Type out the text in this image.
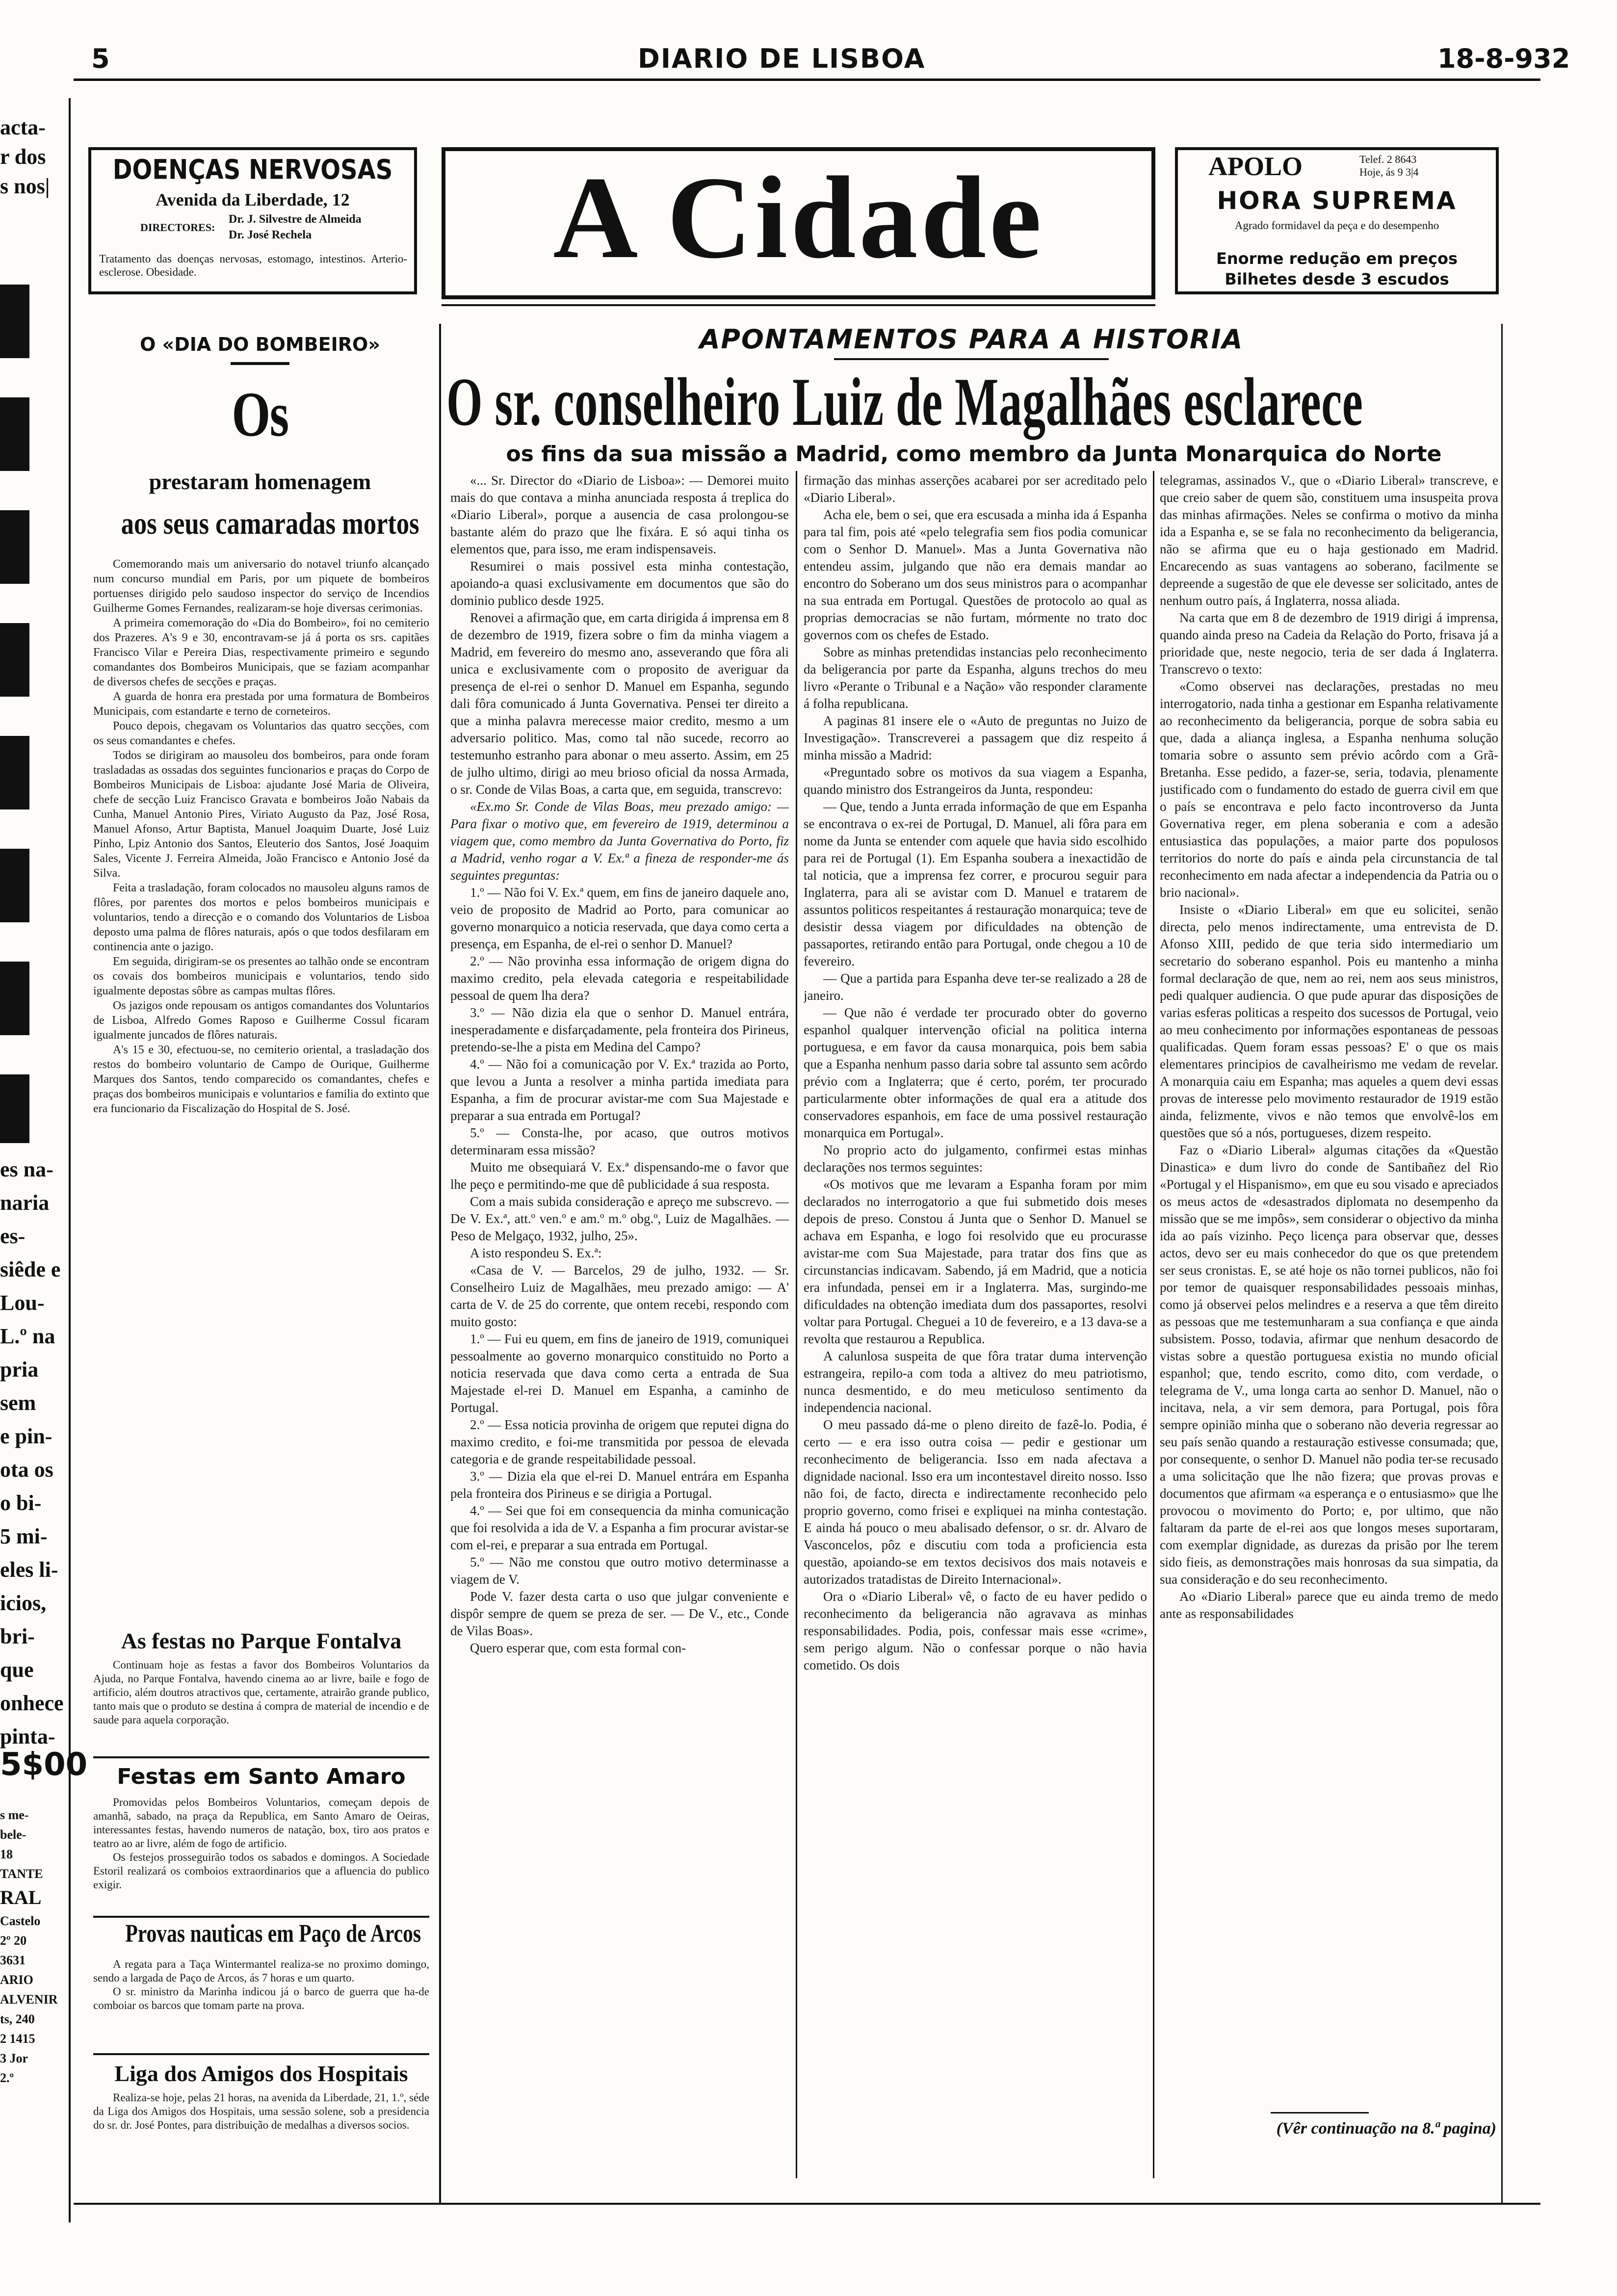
5	DIARIO DE LISBOA	18-8-932
DOENÇAS NERVOSAS
Avenida da Liberdade, 12
DIRECTORES:
Dr. J. Silvestre de Almeida
Dr. José Rechela
Tratamento das doenças nervosas, estomago, intestinos. Arterio-esclerose. Obesidade.	A Cidade	APOLO	Telef. 2 8643
Hoje, ás 9 3|4
HORA SUPREMA
Agrado formidavel da peça e do desempenho
Enorme redução em preços
Bilhetes desde 3 escudos
acta-
r dos
s nos|
es na-
naria es-
siêde e
Lou-
L.º na
pria
sem
e pin-
ota os
o bi-
5 mi-
eles li-
icios,
bri-
que
onhece
pinta-
5$00
s me-
bele-
18
TANTE
RAL
Castelo
2º 20
3631
ARIO
ALVENIR
ts, 240
2 1415
3 Jor
2.º
O «DIA DO BOMBEIRO»
Os
prestaram homenagem
aos seus camaradas mortos

Comemorando mais um aniversario do notavel triunfo alcançado num concurso mundial em Paris, por um piquete de bombeiros portuenses dirigido pelo saudoso inspector do serviço de Incendios Guilherme Gomes Fernandes, realizaram-se hoje diversas cerimonias.

A primeira comemoração do «Dia do Bombeiro», foi no cemiterio dos Prazeres. A's 9 e 30, encontravam-se já á porta os srs. capitães Francisco Vilar e Pereira Dias, respectivamente primeiro e segundo comandantes dos Bombeiros Municipais, que se faziam acompanhar de diversos chefes de secções e praças.

A guarda de honra era prestada por uma formatura de Bombeiros Municipais, com estandarte e terno de corneteiros.

Pouco depois, chegavam os Voluntarios das quatro secções, com os seus comandantes e chefes.

Todos se dirigiram ao mausoleu dos bombeiros, para onde foram trasladadas as ossadas dos seguintes funcionarios e praças do Corpo de Bombeiros Municipais de Lisboa: ajudante José Maria de Oliveira, chefe de secção Luiz Francisco Gravata e bombeiros João Nabais da Cunha, Manuel Antonio Pires, Viriato Augusto da Paz, José Rosa, Manuel Afonso, Artur Baptista, Manuel Joaquim Duarte, José Luiz Pinho, Lpiz Antonio dos Santos, Eleuterio dos Santos, José Joaquim Sales, Vicente J. Ferreira Almeida, João Francisco e Antonio José da Silva.

Feita a trasladação, foram colocados no mausoleu alguns ramos de flôres, por parentes dos mortos e pelos bombeiros municipais e voluntarios, tendo a direcção e o comando dos Voluntarios de Lisboa deposto uma palma de flôres naturais, após o que todos desfilaram em continencia ante o jazigo.

Em seguida, dirigiram-se os presentes ao talhão onde se encontram os covais dos bombeiros municipais e voluntarios, tendo sido igualmente depostas sôbre as campas multas flôres.

Os jazigos onde repousam os antigos comandantes dos Voluntarios de Lisboa, Alfredo Gomes Raposo e Guilherme Cossul ficaram igualmente juncados de flôres naturais.

A's 15 e 30, efectuou-se, no cemiterio oriental, a trasladação dos restos do bombeiro voluntario de Campo de Ourique, Guilherme Marques dos Santos, tendo comparecido os comandantes, chefes e praças dos bombeiros municipais e voluntarios e familia do extinto que era funcionario da Fiscalização do Hospital de S. José.

As festas no Parque Fontalva

Continuam hoje as festas a favor dos Bombeiros Voluntarios da Ajuda, no Parque Fontalva, havendo cinema ao ar livre, baile e fogo de artificio, além doutros atractivos que, certamente, atrairão grande publico, tanto mais que o produto se destina á compra de material de incendio e de saude para aquela corporação.

Festas em Santo Amaro

Promovidas pelos Bombeiros Voluntarios, começam depois de amanhã, sabado, na praça da Republica, em Santo Amaro de Oeiras, interessantes festas, havendo numeros de natação, box, tiro aos pratos e teatro ao ar livre, além de fogo de artificio.

Os festejos prosseguirão todos os sabados e domingos. A Sociedade Estoril realizará os comboios extraordinarios que a afluencia do publico exigir.

Provas nauticas em Paço de Arcos

A regata para a Taça Wintermantel realiza-se no proximo domingo, sendo a largada de Paço de Arcos, ás 7 horas e um quarto.

O sr. ministro da Marinha indicou já o barco de guerra que ha-de comboiar os barcos que tomam parte na prova.

Liga dos Amigos dos Hospitais

Realiza-se hoje, pelas 21 horas, na avenida da Liberdade, 21, 1.º, séde da Liga dos Amigos dos Hospitais, uma sessão solene, sob a presidencia do sr. dr. José Pontes, para distribuição de medalhas a diversos socios.

APONTAMENTOS PARA A HISTORIA
O sr. conselheiro Luiz de Magalhães esclarece
os fins da sua missão a Madrid, como membro da Junta Monarquica do Norte

«... Sr. Director do «Diario de Lisboa»: — Demorei muito mais do que contava a minha anunciada resposta á treplica do «Diario Liberal», porque a ausencia de casa prolongou-se bastante além do prazo que lhe fixára. E só aqui tinha os elementos que, para isso, me eram indispensaveis.

Resumirei o mais possivel esta minha contestação, apoiando-a quasi exclusivamente em documentos que são do dominio publico desde 1925.

Renovei a afirmação que, em carta dirigida á imprensa em 8 de dezembro de 1919, fizera sobre o fim da minha viagem a Madrid, em fevereiro do mesmo ano, asseverando que fôra ali unica e exclusivamente com o proposito de averiguar da presença de el-rei o senhor D. Manuel em Espanha, segundo dali fôra comunicado á Junta Governativa. Pensei ter direito a que a minha palavra merecesse maior credito, mesmo a um adversario politico. Mas, como tal não sucede, recorro ao testemunho estranho para abonar o meu asserto. Assim, em 25 de julho ultimo, dirigi ao meu brioso oficial da nossa Armada, o sr. Conde de Vilas Boas, a carta que, em seguida, transcrevo:

«Ex.mo Sr. Conde de Vilas Boas, meu prezado amigo: — Para fixar o motivo que, em fevereiro de 1919, determinou a viagem que, como membro da Junta Governativa do Porto, fiz a Madrid, venho rogar a V. Ex.ª a fineza de responder-me ás seguintes preguntas:

1.º — Não foi V. Ex.ª quem, em fins de janeiro daquele ano, veio de proposito de Madrid ao Porto, para comunicar ao governo monarquico a noticia reservada, que daya como certa a presença, em Espanha, de el-rei o senhor D. Manuel?

2.º — Não provinha essa informação de origem digna do maximo credito, pela elevada categoria e respeitabilidade pessoal de quem lha dera?

3.º — Não dizia ela que o senhor D. Manuel entrára, inesperadamente e disfarçadamente, pela fronteira dos Pirineus, pretendo-se-lhe a pista em Medina del Campo?

4.º — Não foi a comunicação por V. Ex.ª trazida ao Porto, que levou a Junta a resolver a minha partida imediata para Espanha, a fim de procurar avistar-me com Sua Majestade e preparar a sua entrada em Portugal?

5.º — Consta-lhe, por acaso, que outros motivos determinaram essa missão?

Muito me obsequiará V. Ex.ª dispensando-me o favor que lhe peço e permitindo-me que dê publicidade á sua resposta.

Com a mais subida consideração e apreço me subscrevo. — De V. Ex.ª, att.º ven.º e am.º m.º obg.º, Luiz de Magalhães. — Peso de Melgaço, 1932, julho, 25».

A isto respondeu S. Ex.ª:

«Casa de V. — Barcelos, 29 de julho, 1932. — Sr. Conselheiro Luiz de Magalhães, meu prezado amigo: — A' carta de V. de 25 do corrente, que ontem recebi, respondo com muito gosto:

1.º — Fui eu quem, em fins de janeiro de 1919, comuniquei pessoalmente ao governo monarquico constituido no Porto a noticia reservada que dava como certa a entrada de Sua Majestade el-rei D. Manuel em Espanha, a caminho de Portugal.

2.º — Essa noticia provinha de origem que reputei digna do maximo credito, e foi-me transmitida por pessoa de elevada categoria e de grande respeitabilidade pessoal.

3.º — Dizia ela que el-rei D. Manuel entrára em Espanha pela fronteira dos Pirineus e se dirigia a Portugal.

4.º — Sei que foi em consequencia da minha comunicação que foi resolvida a ida de V. a Espanha a fim procurar avistar-se com el-rei, e preparar a sua entrada em Portugal.

5.º — Não me constou que outro motivo determinasse a viagem de V.

Pode V. fazer desta carta o uso que julgar conveniente e dispôr sempre de quem se preza de ser. — De V., etc., Conde de Vilas Boas».

Quero esperar que, com esta formal con-

firmação das minhas asserções acabarei por ser acreditado pelo «Diario Liberal».

Acha ele, bem o sei, que era escusada a minha ida á Espanha para tal fim, pois até «pelo telegrafia sem fios podia comunicar com o Senhor D. Manuel». Mas a Junta Governativa não entendeu assim, julgando que não era demais mandar ao encontro do Soberano um dos seus ministros para o acompanhar na sua entrada em Portugal. Questões de protocolo ao qual as proprias democracias se não furtam, mórmente no trato doc governos com os chefes de Estado.

Sobre as minhas pretendidas instancias pelo reconhecimento da beligerancia por parte da Espanha, alguns trechos do meu livro «Perante o Tribunal e a Nação» vão responder claramente á folha republicana.

A paginas 81 insere ele o «Auto de preguntas no Juizo de Investigação». Transcreverei a passagem que diz respeito á minha missão a Madrid:

«Preguntado sobre os motivos da sua viagem a Espanha, quando ministro dos Estrangeiros da Junta, respondeu:

— Que, tendo a Junta errada informação de que em Espanha se encontrava o ex-rei de Portugal, D. Manuel, ali fôra para em nome da Junta se entender com aquele que havia sido escolhido para rei de Portugal (1). Em Espanha soubera a inexactidão de tal noticia, que a imprensa fez correr, e procurou seguir para Inglaterra, para ali se avistar com D. Manuel e tratarem de assuntos politicos respeitantes á restauração monarquica; teve de desistir dessa viagem por dificuldades na obtenção de passaportes, retirando então para Portugal, onde chegou a 10 de fevereiro.

— Que a partida para Espanha deve ter-se realizado a 28 de janeiro.

— Que não é verdade ter procurado obter do governo espanhol qualquer intervenção oficial na politica interna portuguesa, e em favor da causa monarquica, pois bem sabia que a Espanha nenhum passo daria sobre tal assunto sem acôrdo prévio com a Inglaterra; que é certo, porém, ter procurado particularmente obter informações de qual era a atitude dos conservadores espanhois, em face de uma possivel restauração monarquica em Portugal».

No proprio acto do julgamento, confirmei estas minhas declarações nos termos seguintes:

«Os motivos que me levaram a Espanha foram por mim declarados no interrogatorio a que fui submetido dois meses depois de preso. Constou á Junta que o Senhor D. Manuel se achava em Espanha, e logo foi resolvido que eu procurasse avistar-me com Sua Majestade, para tratar dos fins que as circunstancias indicavam. Sabendo, já em Madrid, que a noticia era infundada, pensei em ir a Inglaterra. Mas, surgindo-me dificuldades na obtenção imediata dum dos passaportes, resolvi voltar para Portugal. Cheguei a 10 de fevereiro, e a 13 dava-se a revolta que restaurou a Republica.

A calunlosa suspeita de que fôra tratar duma intervenção estrangeira, repilo-a com toda a altivez do meu patriotismo, nunca desmentido, e do meu meticuloso sentimento da independencia nacional.

O meu passado dá-me o pleno direito de fazê-lo. Podia, é certo — e era isso outra coisa — pedir e gestionar um reconhecimento de beligerancia. Isso em nada afectava a dignidade nacional. Isso era um incontestavel direito nosso. Isso não foi, de facto, directa e indirectamente reconhecido pelo proprio governo, como frisei e expliquei na minha contestação. E ainda há pouco o meu abalisado defensor, o sr. dr. Alvaro de Vasconcelos, pôz e discutiu com toda a proficiencia esta questão, apoiando-se em textos decisivos dos mais notaveis e autorizados tratadistas de Direito Internacional».

Ora o «Diario Liberal» vê, o facto de eu haver pedido o reconhecimento da beligerancia não agravava as minhas responsabilidades. Podia, pois, confessar mais esse «crime», sem perigo algum. Não o confessar porque o não havia cometido. Os dois

telegramas, assinados V., que o «Diario Liberal» transcreve, e que creio saber de quem são, constituem uma insuspeita prova das minhas afirmações. Neles se confirma o motivo da minha ida a Espanha e, se se fala no reconhecimento da beligerancia, não se afirma que eu o haja gestionado em Madrid. Encarecendo as suas vantagens ao soberano, facilmente se depreende a sugestão de que ele devesse ser solicitado, antes de nenhum outro país, á Inglaterra, nossa aliada.

Na carta que em 8 de dezembro de 1919 dirigi á imprensa, quando ainda preso na Cadeia da Relação do Porto, frisava já a prioridade que, neste negocio, teria de ser dada á Inglaterra. Transcrevo o texto:

«Como observei nas declarações, prestadas no meu interrogatorio, nada tinha a gestionar em Espanha relativamente ao reconhecimento da beligerancia, porque de sobra sabia eu que, dada a aliança inglesa, a Espanha nenhuma solução tomaria sobre o assunto sem prévio acôrdo com a Grã-Bretanha. Esse pedido, a fazer-se, seria, todavia, plenamente justificado com o fundamento do estado de guerra civil em que o país se encontrava e pelo facto incontroverso da Junta Governativa reger, em plena soberania e com a adesão entusiastica das populações, a maior parte dos populosos territorios do norte do país e ainda pela circunstancia de tal reconhecimento em nada afectar a independencia da Patria ou o brio nacional».

Insiste o «Diario Liberal» em que eu solicitei, senão directa, pelo menos indirectamente, uma entrevista de D. Afonso XIII, pedido de que teria sido intermediario um secretario do soberano espanhol. Pois eu mantenho a minha formal declaração de que, nem ao rei, nem aos seus ministros, pedi qualquer audiencia. O que pude apurar das disposições de varias esferas politicas a respeito dos sucessos de Portugal, veio ao meu conhecimento por informações espontaneas de pessoas qualificadas. Quem foram essas pessoas? E' o que os mais elementares principios de cavalheirismo me vedam de revelar. A monarquia caiu em Espanha; mas aqueles a quem devi essas provas de interesse pelo movimento restaurador de 1919 estão ainda, felizmente, vivos e não temos que envolvê-los em questões que só a nós, portugueses, dizem respeito.

Faz o «Diario Liberal» algumas citações da «Questão Dinastica» e dum livro do conde de Santibañez del Rio «Portugal y el Hispanismo», em que eu sou visado e apreciados os meus actos de «desastrados diplomata no desempenho da missão que se me impôs», sem considerar o objectivo da minha ida ao país vizinho. Peço licença para observar que, desses actos, devo ser eu mais conhecedor do que os que pretendem ser seus cronistas. E, se até hoje os não tornei publicos, não foi por temor de quaisquer responsabilidades pessoais minhas, como já observei pelos melindres e a reserva a que têm direito as pessoas que me testemunharam a sua confiança e que ainda subsistem. Posso, todavia, afirmar que nenhum desacordo de vistas sobre a questão portuguesa existia no mundo oficial espanhol; que, tendo escrito, como dito, com verdade, o telegrama de V., uma longa carta ao senhor D. Manuel, não o incitava, nela, a vir sem demora, para Portugal, pois fôra sempre opinião minha que o soberano não deveria regressar ao seu país senão quando a restauração estivesse consumada; que, por consequente, o senhor D. Manuel não podia ter-se recusado a uma solicitação que lhe não fizera; que provas provas e documentos que afirmam «a esperança e o entusiasmo» que lhe provocou o movimento do Porto; e, por ultimo, que não faltaram da parte de el-rei aos que longos meses suportaram, com exemplar dignidade, as durezas da prisão por lhe terem sido fieis, as demonstrações mais honrosas da sua simpatia, da sua consideração e do seu reconhecimento.

Ao «Diario Liberal» parece que eu ainda tremo de medo ante as responsabilidades

(Vêr continuação na 8.ª pagina)
